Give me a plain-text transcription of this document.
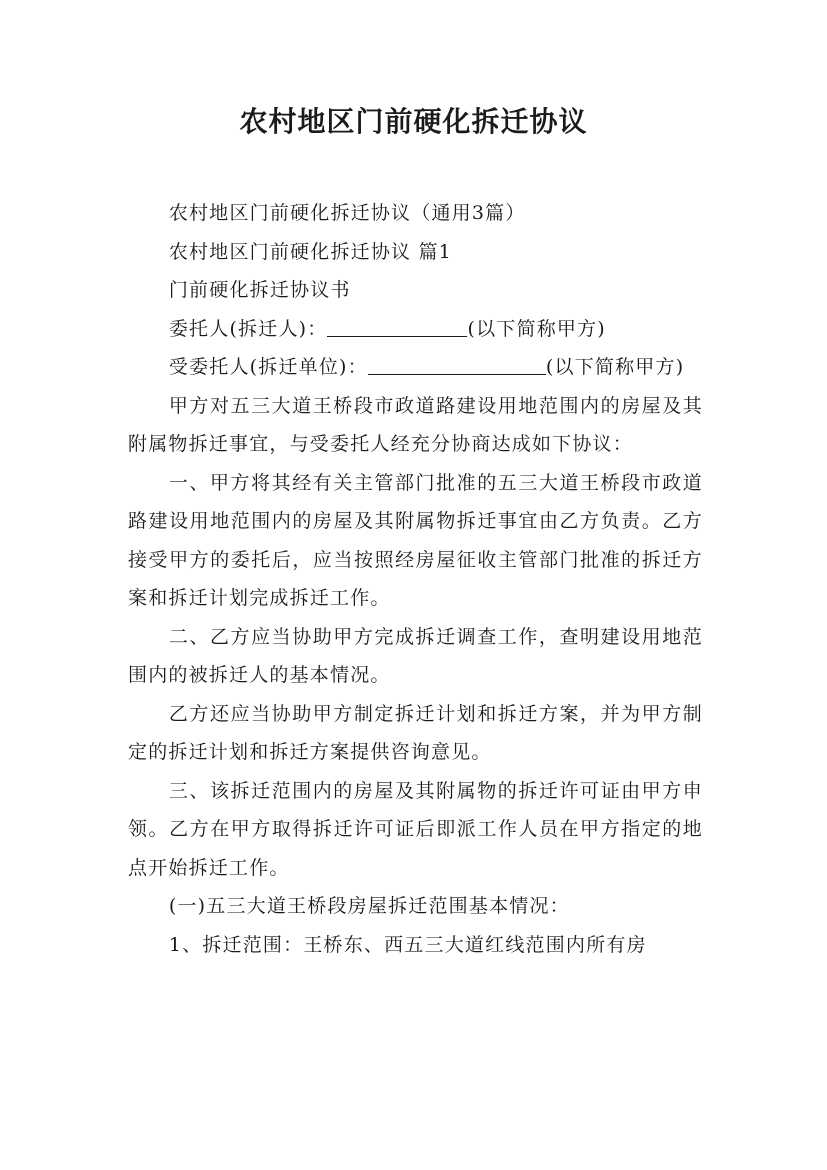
农村地区门前硬化拆迁协议

农村地区门前硬化拆迁协议（通用3篇）

农村地区门前硬化拆迁协议 篇1

门前硬化拆迁协议书

委托人(拆迁人)：	(以下简称甲方)

受委托人(拆迁单位)：	(以下简称甲方)

甲方对五三大道王桥段市政道路建设用地范围内的房屋及其附属物拆迁事宜，与受委托人经充分协商达成如下协议：

一、甲方将其经有关主管部门批准的五三大道王桥段市政道路建设用地范围内的房屋及其附属物拆迁事宜由乙方负责。乙方接受甲方的委托后，应当按照经房屋征收主管部门批准的拆迁方案和拆迁计划完成拆迁工作。

二、乙方应当协助甲方完成拆迁调查工作，查明建设用地范围内的被拆迁人的基本情况。

乙方还应当协助甲方制定拆迁计划和拆迁方案，并为甲方制定的拆迁计划和拆迁方案提供咨询意见。

三、该拆迁范围内的房屋及其附属物的拆迁许可证由甲方申领。乙方在甲方取得拆迁许可证后即派工作人员在甲方指定的地点开始拆迁工作。

(一)五三大道王桥段房屋拆迁范围基本情况：

1、拆迁范围：王桥东、西五三大道红线范围内所有房
